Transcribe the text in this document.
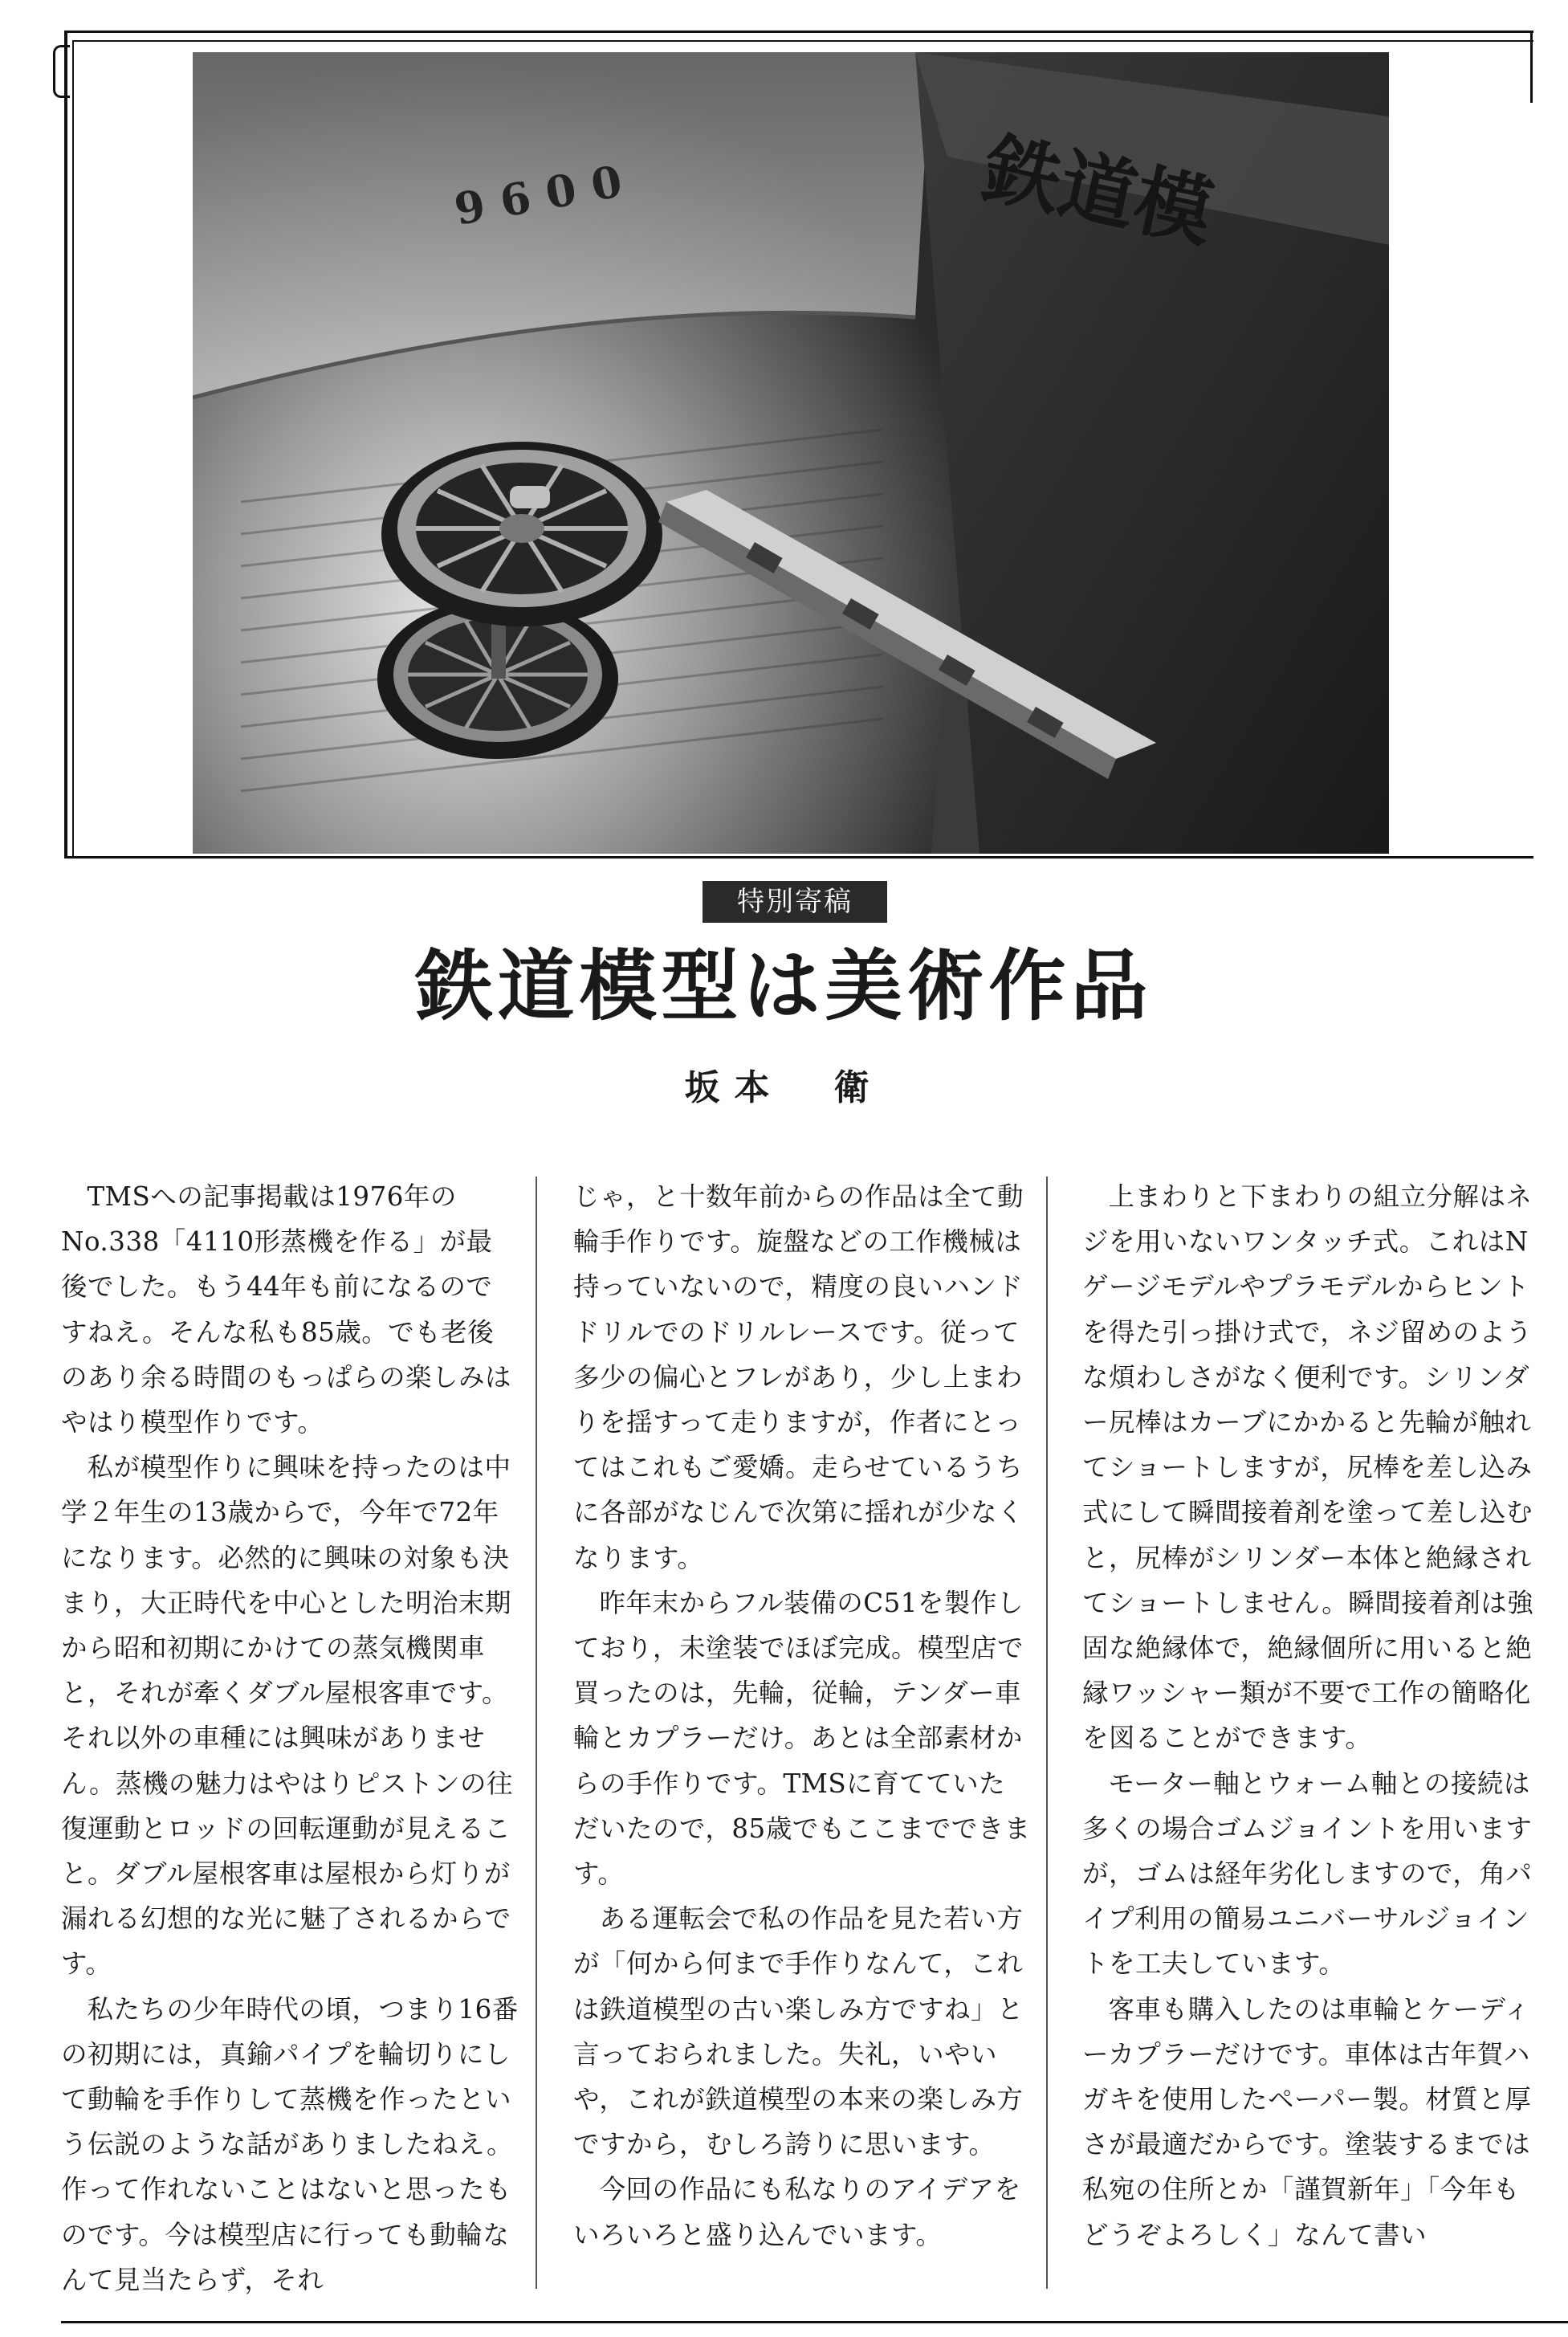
鉄道模
9600
特別寄稿
鉄道模型は美術作品
坂本　衛

TMSへの記事掲載は1976年のNo.338「4110形蒸機を作る」が最後でした。もう44年も前になるのですねえ。そんな私も85歳。でも老後のあり余る時間のもっぱらの楽しみはやはり模型作りです。

私が模型作りに興味を持ったのは中学２年生の13歳からで，今年で72年になります。必然的に興味の対象も決まり，大正時代を中心とした明治末期から昭和初期にかけての蒸気機関車と，それが牽くダブル屋根客車です。それ以外の車種には興味がありません。蒸機の魅力はやはりピストンの往復運動とロッドの回転運動が見えること。ダブル屋根客車は屋根から灯りが漏れる幻想的な光に魅了されるからです。

私たちの少年時代の頃，つまり16番の初期には，真鍮パイプを輪切りにして動輪を手作りして蒸機を作ったという伝説のような話がありましたねえ。作って作れないことはないと思ったものです。今は模型店に行っても動輪なんて見当たらず，それ

じゃ，と十数年前からの作品は全て動輪手作りです。旋盤などの工作機械は持っていないので，精度の良いハンドドリルでのドリルレースです。従って多少の偏心とフレがあり，少し上まわりを揺すって走りますが，作者にとってはこれもご愛嬌。走らせているうちに各部がなじんで次第に揺れが少なくなります。

昨年末からフル装備のC51を製作しており，未塗装でほぼ完成。模型店で買ったのは，先輪，従輪，テンダー車輪とカプラーだけ。あとは全部素材からの手作りです。TMSに育てていただいたので，85歳でもここまでできます。

ある運転会で私の作品を見た若い方が「何から何まで手作りなんて，これは鉄道模型の古い楽しみ方ですね」と言っておられました。失礼，いやいや，これが鉄道模型の本来の楽しみ方ですから，むしろ誇りに思います。

今回の作品にも私なりのアイデアをいろいろと盛り込んでいます。

上まわりと下まわりの組立分解はネジを用いないワンタッチ式。これはNゲージモデルやプラモデルからヒントを得た引っ掛け式で，ネジ留めのような煩わしさがなく便利です。シリンダー尻棒はカーブにかかると先輪が触れてショートしますが，尻棒を差し込み式にして瞬間接着剤を塗って差し込むと，尻棒がシリンダー本体と絶縁されてショートしません。瞬間接着剤は強固な絶縁体で，絶縁個所に用いると絶縁ワッシャー類が不要で工作の簡略化を図ることができます。

モーター軸とウォーム軸との接続は多くの場合ゴムジョイントを用いますが，ゴムは経年劣化しますので，角パイプ利用の簡易ユニバーサルジョイントを工夫しています。

客車も購入したのは車輪とケーディーカプラーだけです。車体は古年賀ハガキを使用したペーパー製。材質と厚さが最適だからです。塗装するまでは私宛の住所とか「謹賀新年」「今年もどうぞよろしく」なんて書い
